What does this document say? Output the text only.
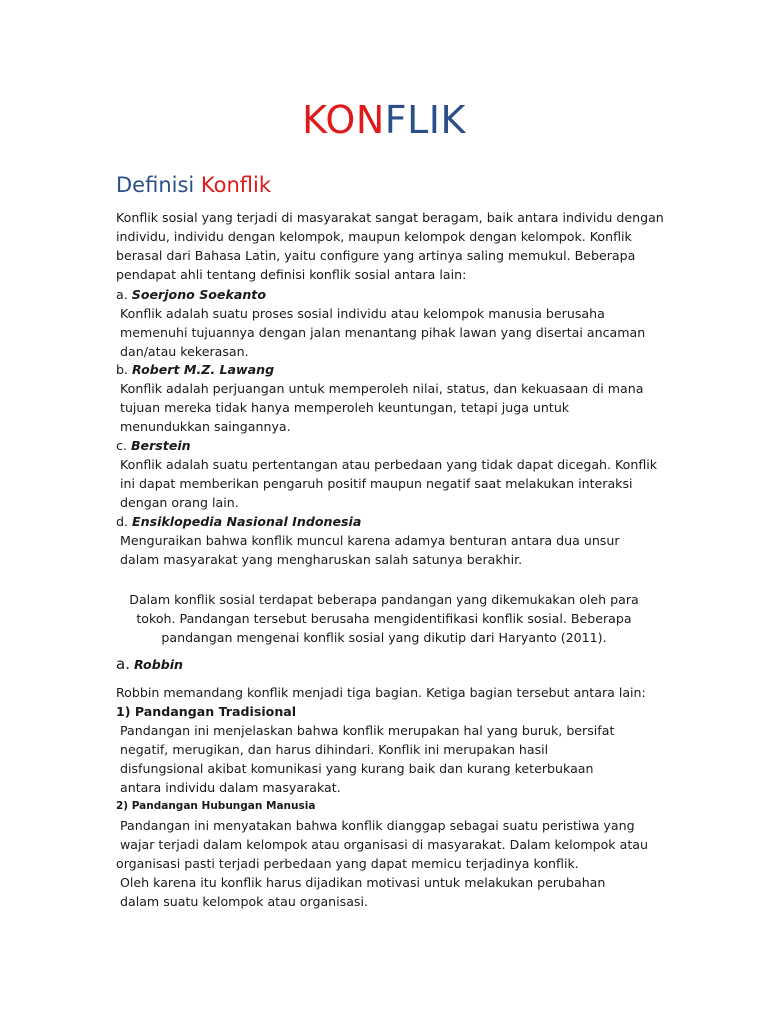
KONFLIK
Definisi Konflik
Konflik sosial yang terjadi di masyarakat sangat beragam, baik antara individu dengan
individu, individu dengan kelompok, maupun kelompok dengan kelompok. Konflik
berasal dari Bahasa Latin, yaitu configure yang artinya saling memukul. Beberapa
pendapat ahli tentang definisi konflik sosial antara lain:
a. Soerjono Soekanto
Konflik adalah suatu proses sosial individu atau kelompok manusia berusaha
memenuhi tujuannya dengan jalan menantang pihak lawan yang disertai ancaman
dan/atau kekerasan.
b. Robert M.Z. Lawang
Konflik adalah perjuangan untuk memperoleh nilai, status, dan kekuasaan di mana
tujuan mereka tidak hanya memperoleh keuntungan, tetapi juga untuk
menundukkan saingannya.
c. Berstein
Konflik adalah suatu pertentangan atau perbedaan yang tidak dapat dicegah. Konflik
ini dapat memberikan pengaruh positif maupun negatif saat melakukan interaksi
dengan orang lain.
d. Ensiklopedia Nasional Indonesia
Menguraikan bahwa konflik muncul karena adamya benturan antara dua unsur
dalam masyarakat yang mengharuskan salah satunya berakhir.
Dalam konflik sosial terdapat beberapa pandangan yang dikemukakan oleh para
tokoh. Pandangan tersebut berusaha mengidentifikasi konflik sosial. Beberapa
pandangan mengenai konflik sosial yang dikutip dari Haryanto (2011).
a. Robbin
Robbin memandang konflik menjadi tiga bagian. Ketiga bagian tersebut antara lain:
1) Pandangan Tradisional
Pandangan ini menjelaskan bahwa konflik merupakan hal yang buruk, bersifat
negatif, merugikan, dan harus dihindari. Konflik ini merupakan hasil
disfungsional akibat komunikasi yang kurang baik dan kurang keterbukaan
antara individu dalam masyarakat.
2) Pandangan Hubungan Manusia
Pandangan ini menyatakan bahwa konflik dianggap sebagai suatu peristiwa yang
wajar terjadi dalam kelompok atau organisasi di masyarakat. Dalam kelompok atau
organisasi pasti terjadi perbedaan yang dapat memicu terjadinya konflik.
Oleh karena itu konflik harus dijadikan motivasi untuk melakukan perubahan
dalam suatu kelompok atau organisasi.
